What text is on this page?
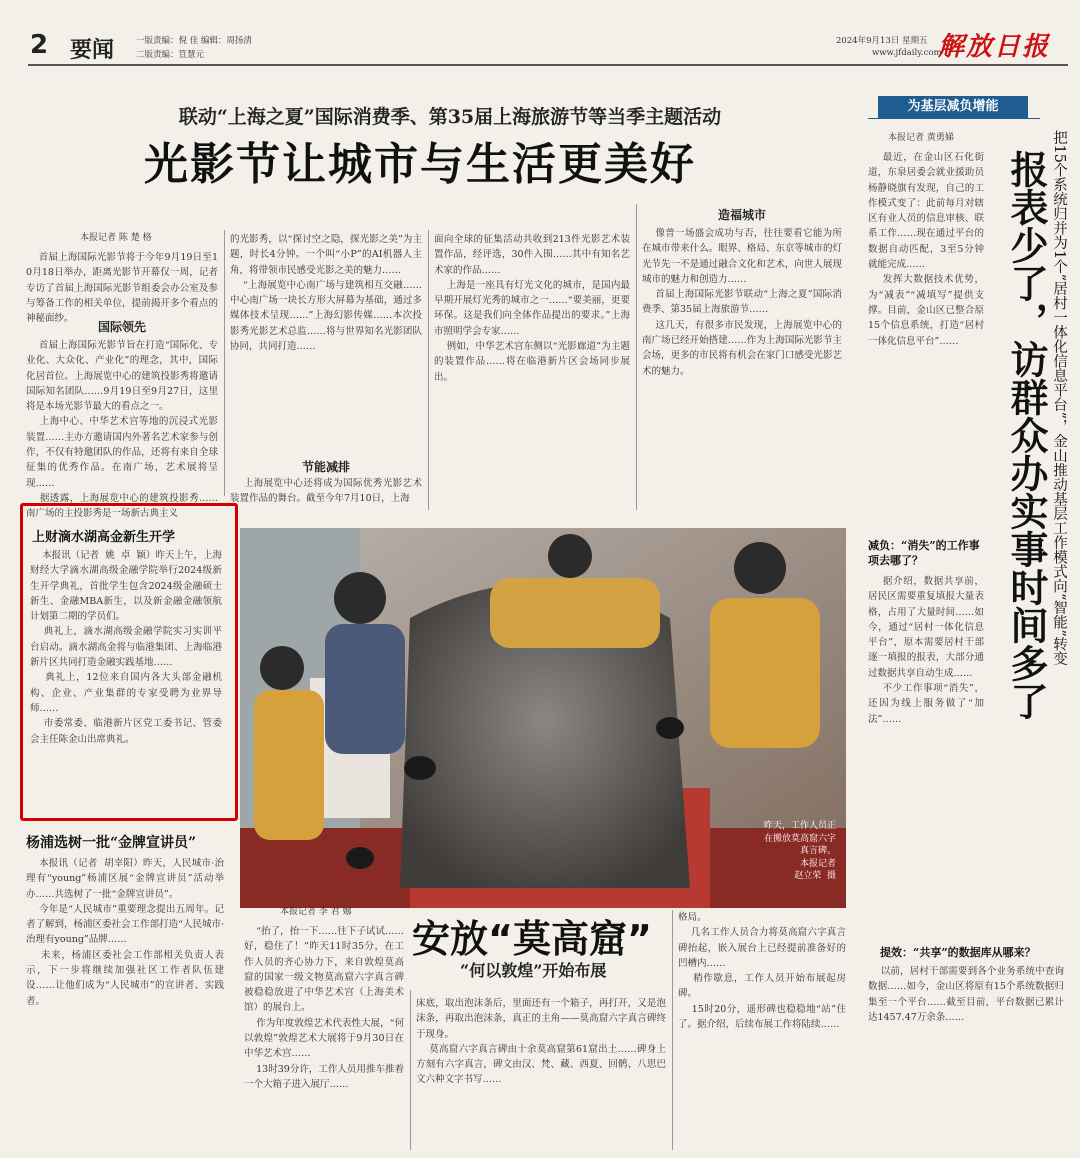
2 要闻	一版责编：倪 佳 编辑：周扬清
二版责编：笪慧元
2024年9月13日 星期五
www.jfdaily.com
解放日报
联动“上海之夏”国际消费季、第35届上海旅游节等当季主题活动
光影节让城市与生活更美好
本报记者 陈 楚 格
首届上海国际光影节将于今年9月19日至10月18日举办，距离光影节开幕仅一周，记者专访了首届上海国际光影节组委会办公室及参与筹备工作的相关单位，提前揭开多个看点的神秘面纱。
国际领先
首届上海国际光影节旨在打造“国际化、专业化、大众化、产业化”的理念，其中，国际化居首位。上海展览中心的建筑投影秀将邀请国际知名团队……9月19日至9月27日，这里将是本场光影节最大的看点之一。
上海中心、中华艺术宫等地的沉浸式光影装置……主办方邀请国内外著名艺术家参与创作，不仅有特邀团队的作品，还将有来自全球征集的优秀作品。在南广场，艺术展将呈现……
据透露，上海展览中心的建筑投影秀……南广场的主投影秀是一场新古典主义
的光影秀，以“探讨空之隐，探光影之美”为主题，时长4分钟。一个叫“小P”的AI机器人主角，将带领市民感受光影之美的魅力……
“上海展览中心南广场与建筑相互交融……中心南广场一块长方形大屏幕为基础，通过多媒体技术呈现……”上海幻影传媒……本次投影秀光影艺术总监……将与世界知名光影团队协同，共同打造……
节能减排
上海展览中心还将成为国际优秀光影艺术装置作品的舞台。截至今年7月10日，上海
面向全球的征集活动共收到213件光影艺术装置作品，经评选，30件入围……其中有知名艺术家的作品……
上海是一座具有灯光文化的城市，是国内最早期开展灯光秀的城市之一……“要美丽，更要环保。这是我们向全体作品提出的要求。”上海市照明学会专家……
例如，中华艺术宫东侧以“光影廊道”为主题的装置作品……将在临港新片区会场同步展出。
造福城市
像普一场盛会成功与否，往往要看它能为所在城市带来什么。眼界、格局、东京等城市的灯光节先一不是通过融合文化和艺术，向世人展现城市的魅力和创造力……
首届上海国际光影节联动“上海之夏”国际消费季、第35届上海旅游节……
这几天，有很多市民发现，上海展览中心的南广场已经开始搭建……作为上海国际光影节主会场，更多的市民将有机会在家门口感受光影艺术的魅力。
上财滴水湖高金新生开学
本报讯（记者  姚  卓  颖）昨天上午，上海财经大学滴水湖高级金融学院举行2024级新生开学典礼，首批学生包含2024级金融硕士新生、金融MBA新生，以及新金融金融领航计划第二期的学员们。
典礼上，滴水湖高级金融学院实习实训平台启动。滴水湖高金将与临港集团、上海临港新片区共同打造金融实践基地……
典礼上，12位来自国内各大头部金融机构、企业、产业集群的专家受聘为业界导师……
市委常委、临港新片区党工委书记、管委会主任陈金山出席典礼。
杨浦选树一批“金牌宣讲员”
本报讯（记者  胡幸阳）昨天，人民城市·治理有“young”杨浦区展“金牌宣讲员”活动举办……共选树了一批“金牌宣讲员”。
今年是“人民城市”重要理念提出五周年。记者了解到，杨浦区委社会工作部打造“人民城市·治理有young”品牌……
未来，杨浦区委社会工作部相关负责人表示，下一步将继续加强社区工作者队伍建设……让他们成为“人民城市”的宣讲者、实践者。
昨天，工作人员正在搬放莫高窟六字真言碑。
本报记者
赵立荣  摄
本报记者 李 君 娜
安放“莫高窟”
“何以敦煌”开始布展
“抬了，抬一下……往下子试试……好，稳住了！”昨天11时35分，在工作人员的齐心协力下，来自敦煌莫高窟的国家一级文物莫高窟六字真言碑被稳稳放进了中华艺术宫（上海美术馆）的展台上。
作为年度敦煌艺术代表性大展，“何以敦煌”敦煌艺术大展将于9月30日在中华艺术宫……
13时39分许，工作人员用推车推着一个大箱子进入展厅……
床底，取出泡沫条后，里面还有一个箱子，再打开，又是泡沫条，再取出泡沫条，真正的主角——莫高窟六字真言碑终于现身。
莫高窟六字真言碑由十余莫高窟第61窟出土……碑身上方刻有六字真言，碑文由汉、梵、藏、西夏、回鹘、八思巴文六种文字书写……
格局。
几名工作人员合力将莫高窟六字真言碑抬起，嵌入展台上已经提前准备好的凹槽内……
稍作歇息，工作人员开始布展起房碑。
15时20分，遥形碑也稳稳地“站”住了。据介绍，后续布展工作将陆续……
为基层减负增能
本报记者 黄勇娣
报表少了，访群众办实事时间多了 把15个系统归并为1个“居村一体化信息平台”，金山推动基层工作模式向“智能”转变
最近，在金山区石化街道，东泉居委会就业援助员杨静晓旗有发现，自己的工作模式变了：此前每月对辖区有业人员的信息审核、联系工作……现在通过平台的数据自动匹配，3至5分钟就能完成……
发挥大数据技术优势，为“减表”“减填写”提供支撑。目前，金山区已整合原15个信息系统，打造“居村一体化信息平台”……
减负：“消失”的工作事项去哪了？
据介绍，数据共享前，居民区需要重复填报大量表格，占用了大量时间……如今，通过“居村一体化信息平台”，原本需要居村干部逐一填报的报表，大部分通过数据共享自动生成……
不少工作事项“消失”，还因为线上服务做了“加法”……
提效：“共享”的数据库从哪来？
以前，居村干部需要到各个业务系统中查询数据……如今，金山区将原有15个系统数据归集至一个平台……截至目前，平台数据已累计达1457.47万余条……
